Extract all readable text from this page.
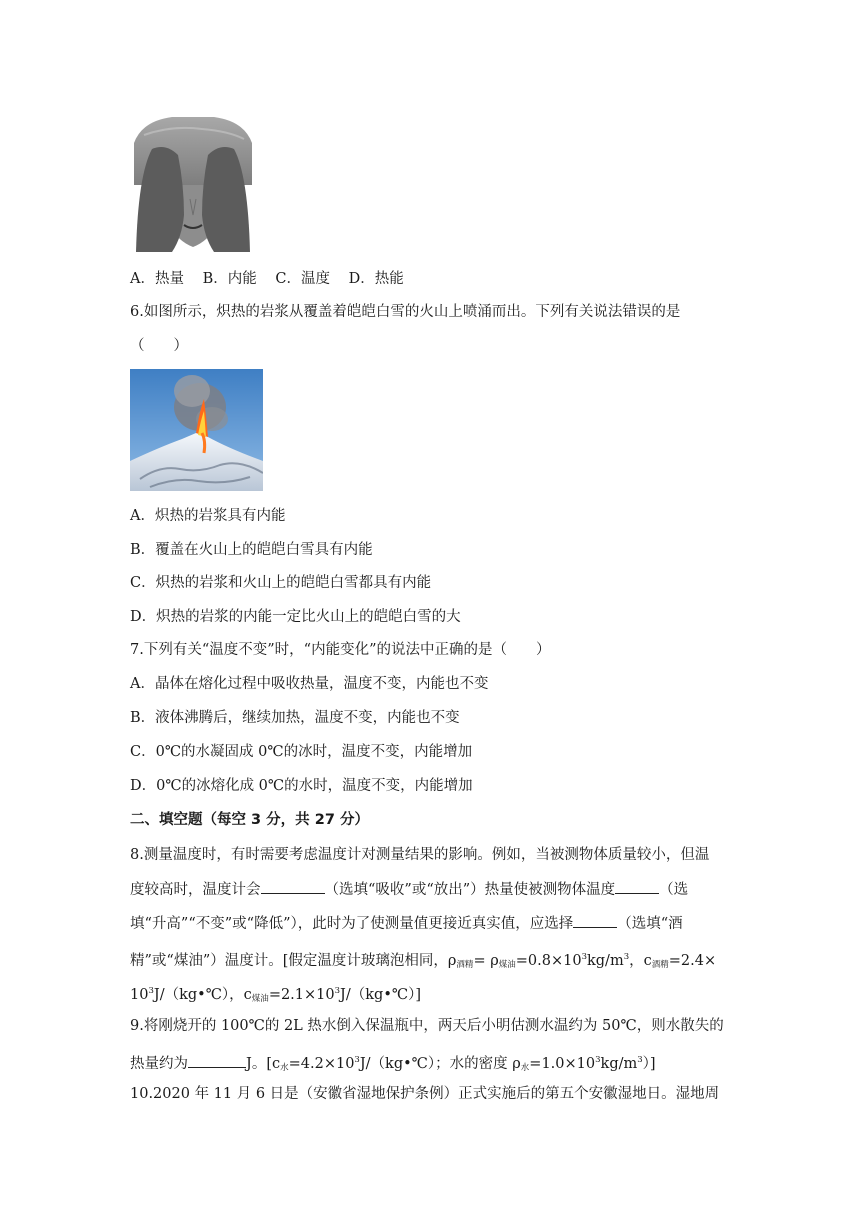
A．热量 B．内能 C．温度 D．热能
6.如图所示，炽热的岩浆从覆盖着皑皑白雪的火山上喷涌而出。下列有关说法错误的是
（　　）
A．炽热的岩浆具有内能
B．覆盖在火山上的皑皑白雪具有内能
C．炽热的岩浆和火山上的皑皑白雪都具有内能
D．炽热的岩浆的内能一定比火山上的皑皑白雪的大
7.下列有关“温度不变”时，“内能变化”的说法中正确的是（　　）
A．晶体在熔化过程中吸收热量，温度不变，内能也不变
B．液体沸腾后，继续加热，温度不变，内能也不变
C．0℃的水凝固成 0℃的冰时，温度不变，内能增加
D．0℃的冰熔化成 0℃的水时，温度不变，内能增加
二、填空题（每空 3 分，共 27 分）
8.测量温度时，有时需要考虑温度计对测量结果的影响。例如，当被测物体质量较小，但温
度较高时，温度计会	（选填“吸收”或“放出”）热量使被测物体温度	（选
填“升高”“不变”或“降低”），此时为了使测量值更接近真实值，应选择	（选填“酒
精”或“煤油”）温度计。[假定温度计玻璃泡相同，$\rho_{酒精}= \rho_{煤油}=0.8\times 10^3kg/m^3$，$c_{酒精}=2.4\times$
$10^3J/(kg•℃)$，$c_{煤油}=2.1\times 10^3J/(kg•℃)$]
9.将刚烧开的 100℃的 2L 热水倒入保温瓶中，两天后小明估测水温约为 50℃，则水散失的
热量约为	J。[$c_水=4.2\times 10^3J/(kg•℃)$；水的密度 $\rho_水=1.0\times 10^3kg/m^3$）]
10.2020 年 11 月 6 日是（安徽省湿地保护条例）正式实施后的第五个安徽湿地日。湿地周
